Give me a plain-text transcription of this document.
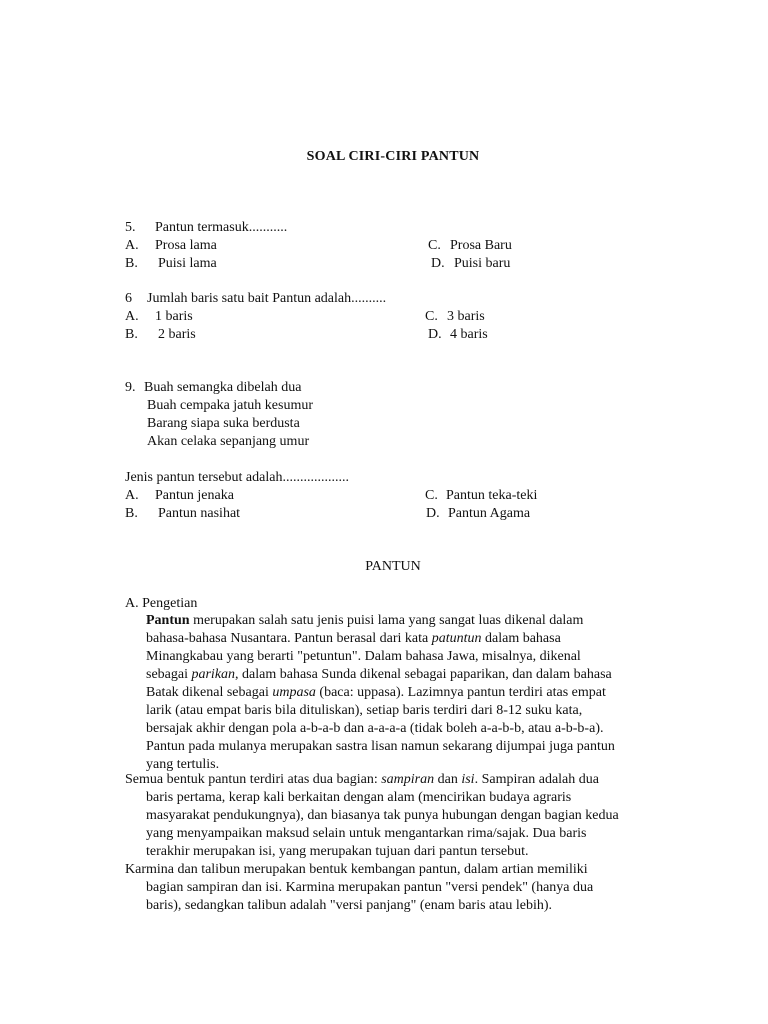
SOAL CIRI-CIRI PANTUN
5. Pantun termasuk...........
A. Prosa lama	C. Prosa Baru
B. Puisi lama	D. Puisi baru
6 Jumlah baris satu bait Pantun adalah..........
A. 1 baris	C. 3 baris
B. 2 baris	D. 4 baris
9. Buah semangka dibelah dua
Buah cempaka jatuh kesumur
Barang siapa suka berdusta
Akan celaka sepanjang umur
Jenis pantun tersebut adalah...................
A. Pantun jenaka	C. Pantun teka-teki
B. Pantun nasihat	D. Pantun Agama
PANTUN
A. Pengetian
Pantun merupakan salah satu jenis puisi lama yang sangat luas dikenal dalam
bahasa-bahasa Nusantara. Pantun berasal dari kata patuntun dalam bahasa
Minangkabau yang berarti "petuntun". Dalam bahasa Jawa, misalnya, dikenal
sebagai parikan, dalam bahasa Sunda dikenal sebagai paparikan, dan dalam bahasa
Batak dikenal sebagai umpasa (baca: uppasa). Lazimnya pantun terdiri atas empat
larik (atau empat baris bila dituliskan), setiap baris terdiri dari 8-12 suku kata,
bersajak akhir dengan pola a-b-a-b dan a-a-a-a (tidak boleh a-a-b-b, atau a-b-b-a).
Pantun pada mulanya merupakan sastra lisan namun sekarang dijumpai juga pantun
yang tertulis.
Semua bentuk pantun terdiri atas dua bagian: sampiran dan isi. Sampiran adalah dua
baris pertama, kerap kali berkaitan dengan alam (mencirikan budaya agraris
masyarakat pendukungnya), dan biasanya tak punya hubungan dengan bagian kedua
yang menyampaikan maksud selain untuk mengantarkan rima/sajak. Dua baris
terakhir merupakan isi, yang merupakan tujuan dari pantun tersebut.
Karmina dan talibun merupakan bentuk kembangan pantun, dalam artian memiliki
bagian sampiran dan isi. Karmina merupakan pantun "versi pendek" (hanya dua
baris), sedangkan talibun adalah "versi panjang" (enam baris atau lebih).
